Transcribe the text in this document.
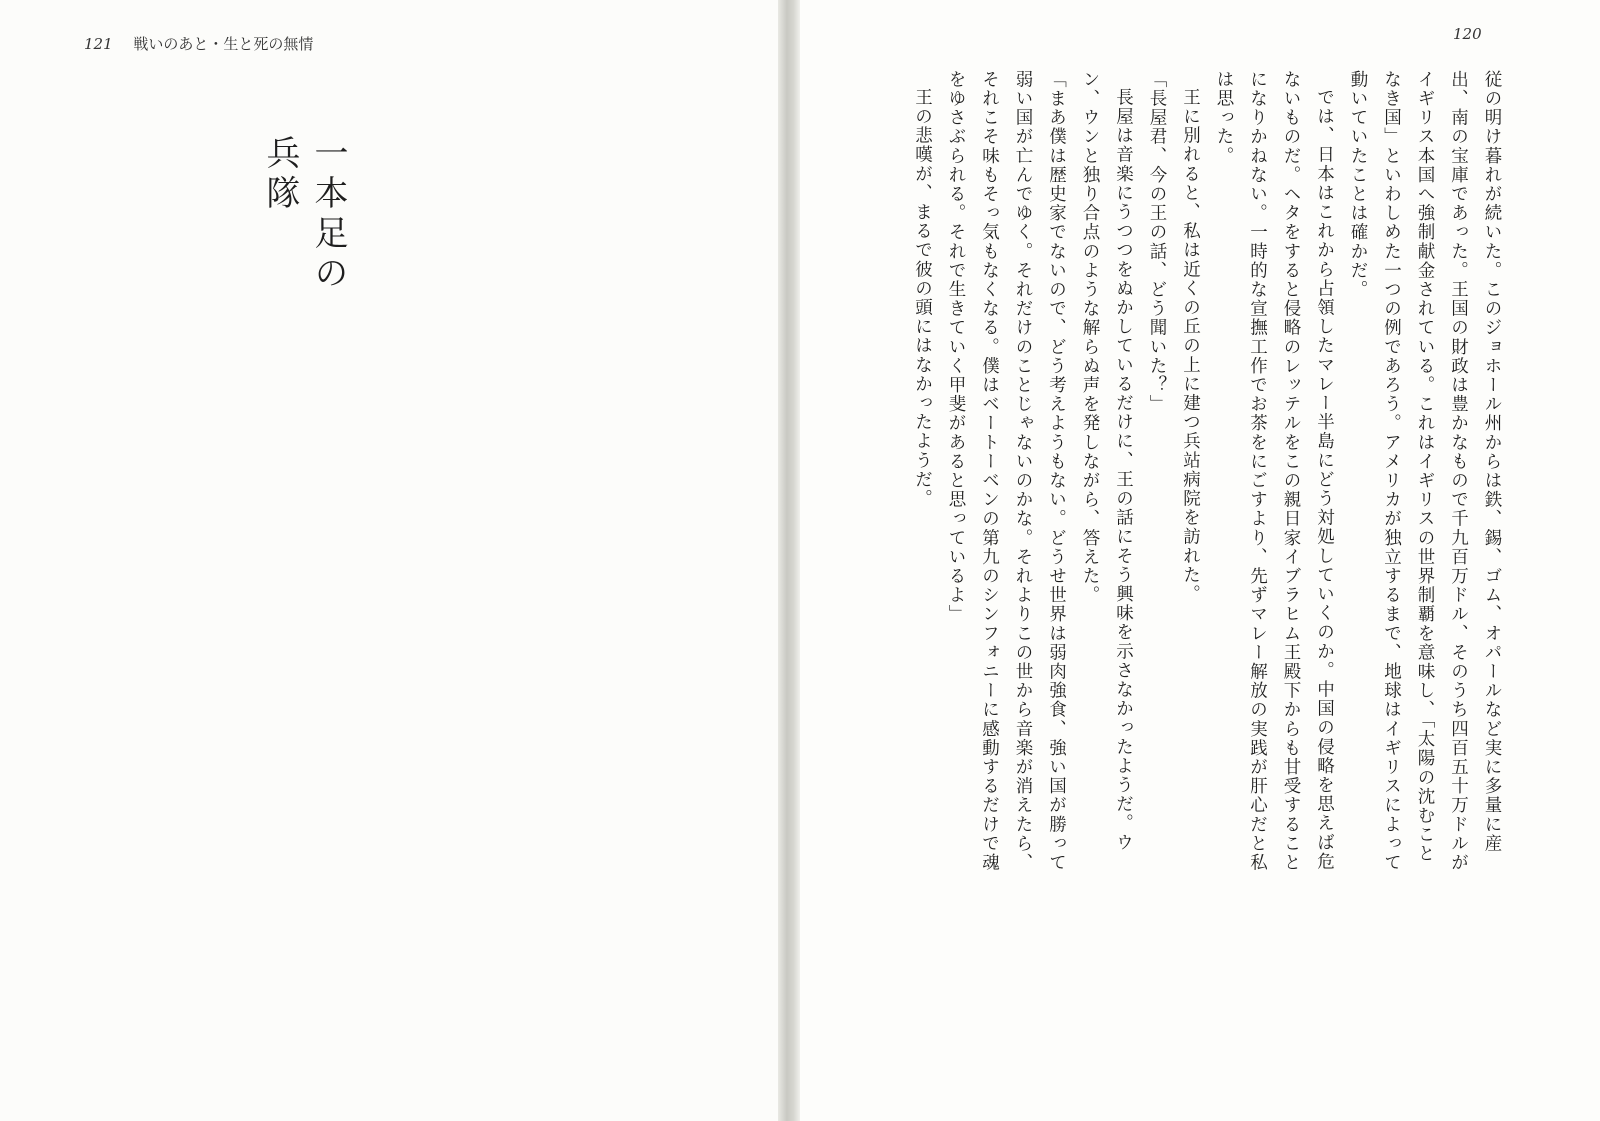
121 戦いのあと・生と死の無情

一本足の兵隊

120

従の明け暮れが続いた。このジョホール州からは鉄、錫、ゴム、オパールなど実に多量に産出、南の宝庫であった。王国の財政は豊かなもので千九百万ドル、そのうち四百五十万ドルがイギリス本国へ強制献金されている。これはイギリスの世界制覇を意味し、「太陽の沈むことなき国」といわしめた一つの例であろう。アメリカが独立するまで、地球はイギリスによって動いていたことは確かだ。

では、日本はこれから占領したマレー半島にどう対処していくのか。中国の侵略を思えば危ないものだ。ヘタをすると侵略のレッテルをこの親日家イブラヒム王殿下からも甘受することになりかねない。一時的な宣撫工作でお茶をにごすより、先ずマレー解放の実践が肝心だと私は思った。

王に別れると、私は近くの丘の上に建つ兵站病院を訪れた。

「長屋君、今の王の話、どう聞いた？」

長屋は音楽にうつつをぬかしているだけに、王の話にそう興味を示さなかったようだ。ウン、ウンと独り合点のような解らぬ声を発しながら、答えた。

「まあ僕は歴史家でないので、どう考えようもない。どうせ世界は弱肉強食、強い国が勝って弱い国が亡んでゆく。それだけのことじゃないのかな。それよりこの世から音楽が消えたら、それこそ味もそっ気もなくなる。僕はベートーベンの第九のシンフォニーに感動するだけで魂をゆさぶられる。それで生きていく甲斐があると思っているよ」

王の悲嘆が、まるで彼の頭にはなかったようだ。
